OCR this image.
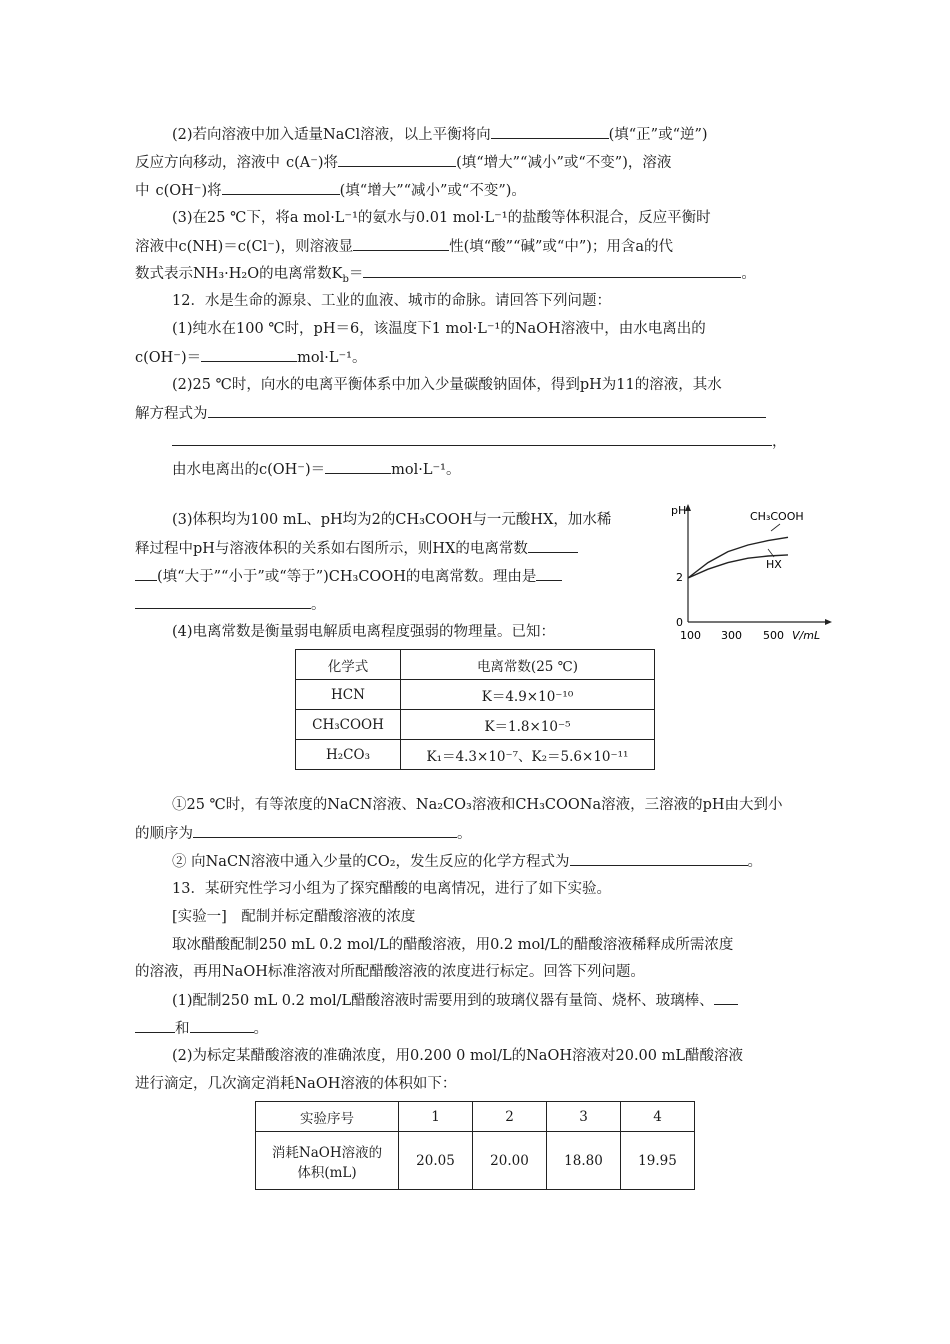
(2)若向溶液中加入适量NaCl溶液，以上平衡将向	(填“正”或“逆”)
反应方向移动，溶液中 c(A⁻)将	(填“增大”“减小”或“不变”)，溶液
中 c(OH⁻)将	(填“增大”“减小”或“不变”)。
(3)在25 ℃下，将a mol·L⁻¹的氨水与0.01 mol·L⁻¹的盐酸等体积混合，反应平衡时
溶液中c(NH)＝c(Cl⁻)，则溶液显	性(填“酸”“碱”或“中”)；用含a的代
数式表示NH₃·H₂O的电离常数$K_b=$	。
12．水是生命的源泉、工业的血液、城市的命脉。请回答下列问题：
(1)纯水在100 ℃时，pH＝6，该温度下1 mol·L⁻¹的NaOH溶液中，由水电离出的
c(OH⁻)＝	mol·L⁻¹。
(2)25 ℃时，向水的电离平衡体系中加入少量碳酸钠固体，得到pH为11的溶液，其水
解方程式为
，
由水电离出的c(OH⁻)＝	mol·L⁻¹。
(3)体积均为100 mL、pH均为2的CH₃COOH与一元酸HX，加水稀
释过程中pH与溶液体积的关系如右图所示，则HX的电离常数
(填“大于”“小于”或“等于”)CH₃COOH的电离常数。理由是
。
(4)电离常数是衡量弱电解质电离程度强弱的物理量。已知：
pH
2
0
100 300 500 V/mL
CH₃COOH
HX
化学式	电离常数(25 ℃)
HCN	K＝4.9×10⁻¹⁰
CH₃COOH	K＝1.8×10⁻⁵
H₂CO₃	K₁＝4.3×10⁻⁷、K₂＝5.6×10⁻¹¹
①25 ℃时，有等浓度的NaCN溶液、Na₂CO₃溶液和CH₃COONa溶液，三溶液的pH由大到小
的顺序为	。
② 向NaCN溶液中通入少量的CO₂，发生反应的化学方程式为	。
13．某研究性学习小组为了探究醋酸的电离情况，进行了如下实验。
[实验一]　配制并标定醋酸溶液的浓度
取冰醋酸配制250 mL 0.2 mol/L的醋酸溶液，用0.2 mol/L的醋酸溶液稀释成所需浓度
的溶液，再用NaOH标准溶液对所配醋酸溶液的浓度进行标定。回答下列问题。
(1)配制250 mL 0.2 mol/L醋酸溶液时需要用到的玻璃仪器有量筒、烧杯、玻璃棒、
和	。
(2)为标定某醋酸溶液的准确浓度，用0.200 0 mol/L的NaOH溶液对20.00 mL醋酸溶液
进行滴定，几次滴定消耗NaOH溶液的体积如下：
实验序号	1	2	3	4

消耗NaOH溶液的
体积(mL)	20.05	20.00	18.80	19.95
